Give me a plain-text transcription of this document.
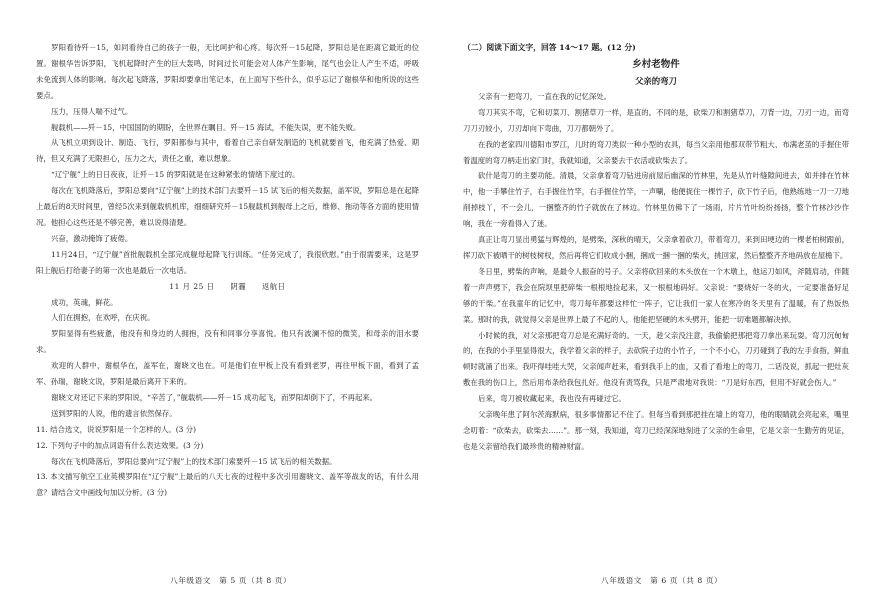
罗阳看待歼－15，如同看待自己的孩子一般，无比呵护和心疼。每次歼－15起降，罗阳总是在距离它最近的位置。谢根华告诉罗阳，飞机起降时产生的巨大轰鸣，时间过长可能会对人体产生影响，尾气也会让人产生不适，呼吸未免流到人体的影响。每次起飞降落，罗阳却要拿出笔记本，在上面写下些什么，似乎忘记了谢根华和他所说的这些要点。

压力，压得人喘不过气。

舰载机——歼－15，中国国防的期盼，全世界在瞩目。歼－15 海试，不能失误，更不能失败。

从飞机立项到设计、制造、飞行，罗阳都参与其中，看着自己亲自研发制造的飞机就要首飞，他充满了热爱、期待，但又充满了无限担心，压力之大，责任之重，难以想象。

“辽宁舰”上的日日夜夜，让歼－15 的罗阳就是在这种紧张的情绪下度过的。

每次在飞机降落后，罗阳总要向“辽宁舰”上的技术部门去要歼－15 试飞后的相关数据，盖军说，罗阳总是在起降上最后的8天时间里，曾经5次来到舰载机机库，细细研究歼－15舰载机到舰母上之后，维修、拖动等各方面的使用情况。他担心这些还是不够完善，难以说得清楚。

兴奋，激动掩饰了疲倦。

11月24日，“辽宁舰”首批舰载机全部完成舰母起降飞行训练。“任务完成了，我很欣慰。”由于很需要来，这是罗阳上舰后打给妻子的第一次也是最后一次电话。

11 月 25 日　　阴霾　　返航日

成功，英魂，鲜花。

人们在拥抱，在欢呼，在庆祝。

罗阳显得有些疲惫，他没有和身边的人拥抱，没有和同事分享喜悦。他只有波澜不惊的微笑，和母亲的泪水要求。

欢迎的人群中，谢根华在，盖军在，谢晓文也在。可是他们在甲板上没有看到老罗，再往甲板下面，看到了孟军、孙瑞，谢晓文说，罗阳是最后离开下来的。

谢晓文对还记下来的罗阳说，“辛苦了，”舰载机——歼－15 成功起飞，而罗阳却倒下了，不再起来。

送到罗阳的人说，他的遗言依然保存。

11. 结合选文，说说罗阳是一个怎样的人。(3 分)

12. 下列句子中的加点词语有什么表达效果。(3 分)

每次在飞机降落后，罗阳总要向“辽宁舰”上的技术部门索要歼－15 试飞后的相关数据。

13. 本文描写航空工业英模罗阳在“辽宁舰”上最后的八天七夜的过程中多次引用谢晓文、盖军等战友的话，有什么用意？请结合文中画线句加以分析。(3 分)

八年级语文　第 5 页（共 8 页）

（二）阅读下面文字，回答 14～17 题。(12 分)

乡村老物件

父亲的弯刀

父亲有一把弯刀，一直在我的记忆深处。

弯刀其实不弯，它和切菜刀、割猪草刀一样，是直的。不同的是，砍柴刀和割猪草刀，刀背一边，刀刃一边，而弯刀刀刃较小，刀刃却向下弯曲，刀刀都朝外了。

在我的老家四川德阳市罗江，儿时的弯刀类似一种小型的农具，每当父亲用他那双带节粗大、布满老茧的手握住带着温度的弯刀柄走出家门时，我就知道，父亲要去干农活或砍柴去了。

砍什是弯刀的主要功能。清晨，父亲拿着弯刀钻进房前屋后幽深的竹林里，先是从竹叶缝隙间进去，如并排在竹林中，他一手攀住竹子，右手握住竹竿，右手握住竹竿，一声唰，他便捉住一棵竹子，砍下竹子后，他熟练地一刀一刀地削掉枝丫，不一会儿，一捆整齐的竹子就放在了林边。竹林里仿佛下了一场雨，片片竹叶纷纷扬扬，整个竹林沙沙作响，我在一旁看得入了迷。

真正让弯刀显出勇猛与辉煌的，是劈柴，深秋的晴天，父亲拿着砍刀，带着弯刀，来到田埂边的一棵老柏树跟前，挥刀砍下被晒干的树枝树杈，然后再将它们收成小捆，捆成一捆一捆的柴火，挑回家，然后整整齐齐地码放在屋檐下。

冬日里，劈柴的声响，是最令人振奋的号子。父亲将砍回来的木头放在一个木墩上，他运刀如风，斧随肩动，伴随着一声声劈下，我会在院坝里把碎柴一根根地捡起来，又一根根地码好。父亲说：“要烧好一冬的火，一定要准备好足够的干柴。”在我童年的记忆中，弯刀每年都要这样忙一阵子，它让我们一家人在寒冷的冬天里有了温暖，有了热饭热菜。那时的我，就觉得父亲是世界上最了不起的人，他能把坚硬的木头劈开，能把一切难题都解决掉。

小时候的我，对父亲那把弯刀总是充满好奇的。一天，趁父亲没注意，我偷偷把那把弯刀拿出来玩耍。弯刀沉甸甸的，在我的小手里显得很大，我学着父亲的样子，去砍院子边的小竹子，一个不小心，刀刃碰到了我的左手食指，鲜血顿时就涌了出来。我吓得哇哇大哭，父亲闻声赶来，看到我手上的血，又看了看地上的弯刀，二话没说，抓起一把灶灰敷在我的伤口上，然后用布条给我包扎好。他没有责骂我，只是严肃地对我说：“刀是好东西，但用不好就会伤人。”

后来，弯刀被收藏起来，我也没有再碰过它。

父亲晚年患了阿尔茨海默病，很多事情都记不住了。但每当看到那把挂在墙上的弯刀，他的眼睛就会亮起来，嘴里念叨着：“砍柴去，砍柴去……”。那一刻，我知道，弯刀已经深深地刻进了父亲的生命里，它是父亲一生勤劳的见证，也是父亲留给我们最珍贵的精神财富。

八年级语文　第 6 页（共 8 页）
